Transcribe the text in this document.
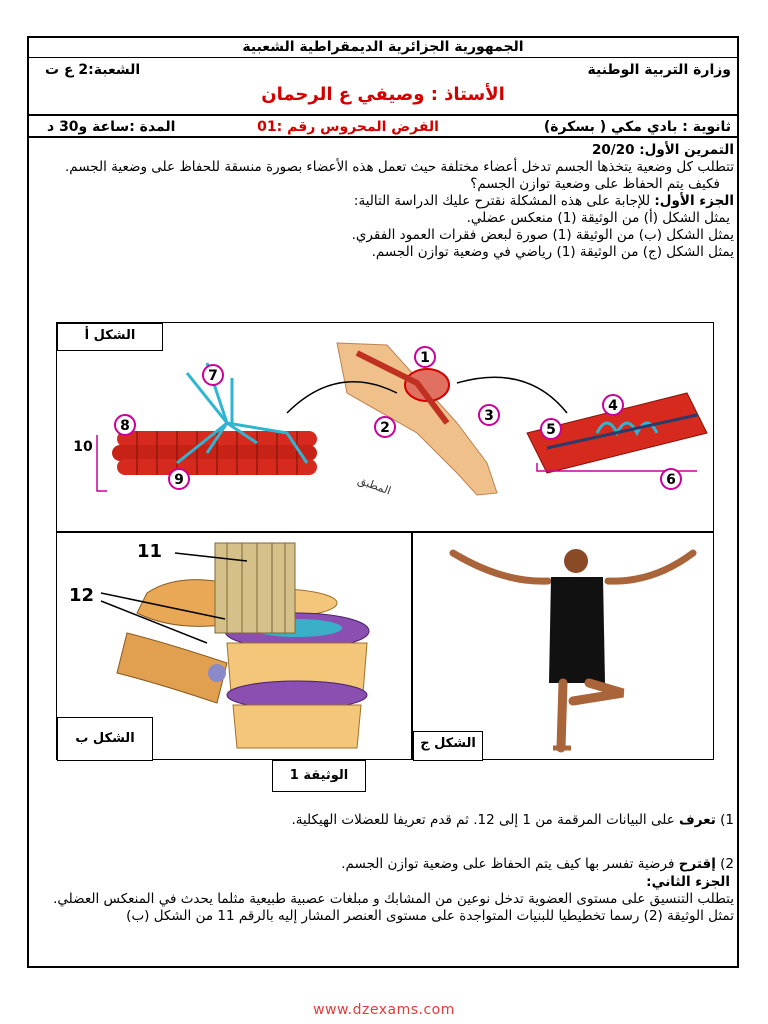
الجمهورية الجزائرية الديمقراطية الشعبية
وزارة التربية الوطنية
الشعبة:2 ع ت
الأستاذ : وصيفي ع الرحمان
ثانوية : بادي مكي ( بسكرة)
الفرض المحروس رقم :01
المدة :ساعة و30 د
التمرين الأول: 20/20
تتطلب كل وضعية يتخذها الجسم تدخل أعضاء مختلفة حيث تعمل هذه الأعضاء بصورة منسقة للحفاظ على وضعية الجسم.
فكيف يتم الحفاظ على وضعية توازن الجسم؟
الجزء الأول: للإجابة على هذه المشكلة نقترح عليك الدراسة التالية:
يمثل الشكل (أ) من الوثيقة (1) منعكس عضلي.
يمثل الشكل (ب) من الوثيقة (1) صورة لبعض فقرات العمود الفقري.
يمثل الشكل (ج) من الوثيقة (1) رياضي في وضعية توازن الجسم.
المطبق
1
2
3
4
5
6
7
8
9
10
الشكل أ
11
12
الشكل ب	الشكل ج
الوثيقة 1
1) تعرف على البيانات المرقمة من 1 إلى 12. ثم قدم تعريفا للعضلات الهيكلية.
2) إقترح فرضية تفسر بها كيف يتم الحفاظ على وضعية توازن الجسم.
الجزء الثاني:
يتطلب التنسيق على مستوى العضوية تدخل نوعين من المشابك و مبلغات عصبية طبيعية مثلما يحدث في المنعكس العضلي.
تمثل الوثيقة (2) رسما تخطيطيا للبنيات المتواجدة على مستوى العنصر المشار إليه بالرقم 11 من الشكل (ب)
www.dzexams.com
